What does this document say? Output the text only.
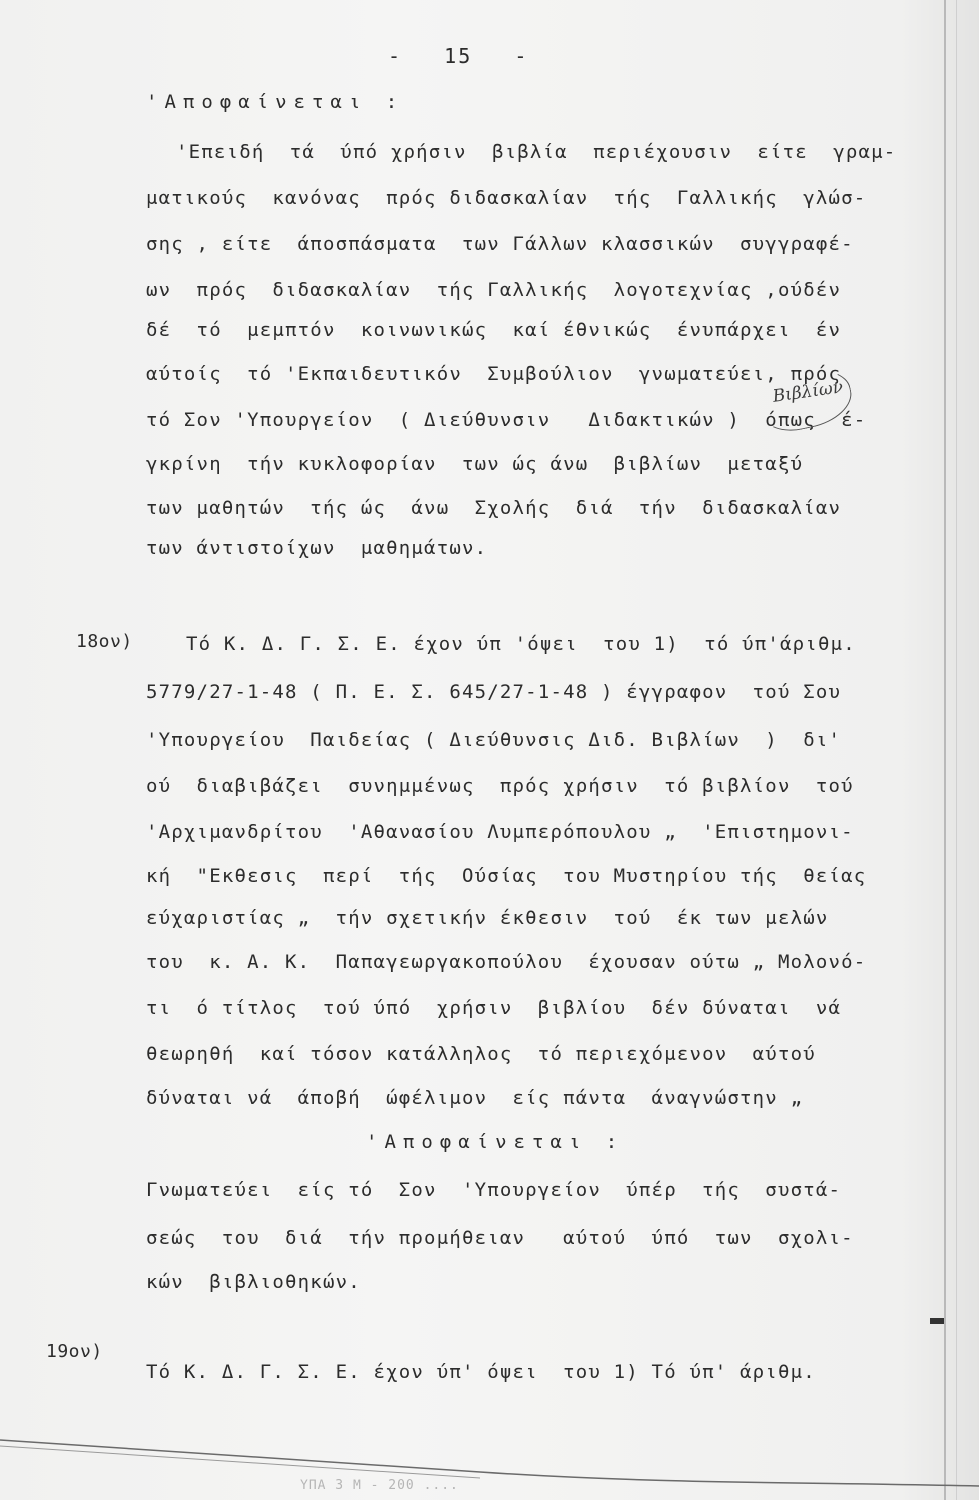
-   15   -

'Αποφαίνεται :

'Επειδή  τά  ύπό χρήσιν  βιβλία  περιέχουσιν  είτε  γραμ-

ματικούς  κανόνας  πρός διδασκαλίαν  τής  Γαλλικής  γλώσ-

σης , είτε  άποσπάσματα  των Γάλλων κλασσικών  συγγραφέ-

ων  πρός  διδασκαλίαν  τής Γαλλικής  λογοτεχνίας ,ούδέν

δέ  τό  μεμπτόν  κοινωνικώς  καί έθνικώς  ένυπάρχει  έν

αύτοίς  τό 'Εκπαιδευτικόν  Συμβούλιον  γνωματεύει, πρός

τό Σον 'Υπουργείον  ( Διεύθυνσιν   Διδακτικών )  όπως  έ-

γκρίνη  τήν κυκλοφορίαν  των ώς άνω  βιβλίων  μεταξύ

των μαθητών  τής ώς  άνω  Σχολής  διά  τήν  διδασκαλίαν

των άντιστοίχων  μαθημάτων.

Βιβλίων

18ον)	Τό Κ. Δ. Γ. Σ. Ε. έχον ύπ 'όψει  του 1)  τό ύπ'άριθμ.

5779/27-1-48 ( Π. Ε. Σ. 645/27-1-48 ) έγγραφον  τού Σου

'Υπουργείου  Παιδείας ( Διεύθυνσις Διδ. Βιβλίων  )  δι'

ού  διαβιβάζει  συνημμένως  πρός χρήσιν  τό βιβλίον  τού

'Αρχιμανδρίτου  'Αθανασίου Λυμπερόπουλου „  'Επιστημονι-

κή  "Εκθεσις  περί  τής  Ούσίας  του Μυστηρίου τής  θείας

εύχαριστίας „  τήν σχετικήν έκθεσιν  τού  έκ των μελών

του  κ. Α. Κ.  Παπαγεωργακοπούλου  έχουσαν ούτω „ Μολονό-

τι  ό τίτλος  τού ύπό  χρήσιν  βιβλίου  δέν δύναται  νά

θεωρηθή  καί τόσον κατάλληλος  τό περιεχόμενον  αύτού

δύναται νά  άποβή  ώφέλιμον  είς πάντα  άναγνώστην „

'Αποφαίνεται :

Γνωματεύει  είς τό  Σον  'Υπουργείον  ύπέρ  τής  συστά-

σεώς  του  διά  τήν προμήθειαν   αύτού  ύπό  των  σχολι-

κών  βιβλιοθηκών.

19ον)

Τό Κ. Δ. Γ. Σ. Ε. έχον ύπ' όψει  του 1) Τό ύπ' άριθμ.

ΥΠΑ 3 Μ - 200 ....
